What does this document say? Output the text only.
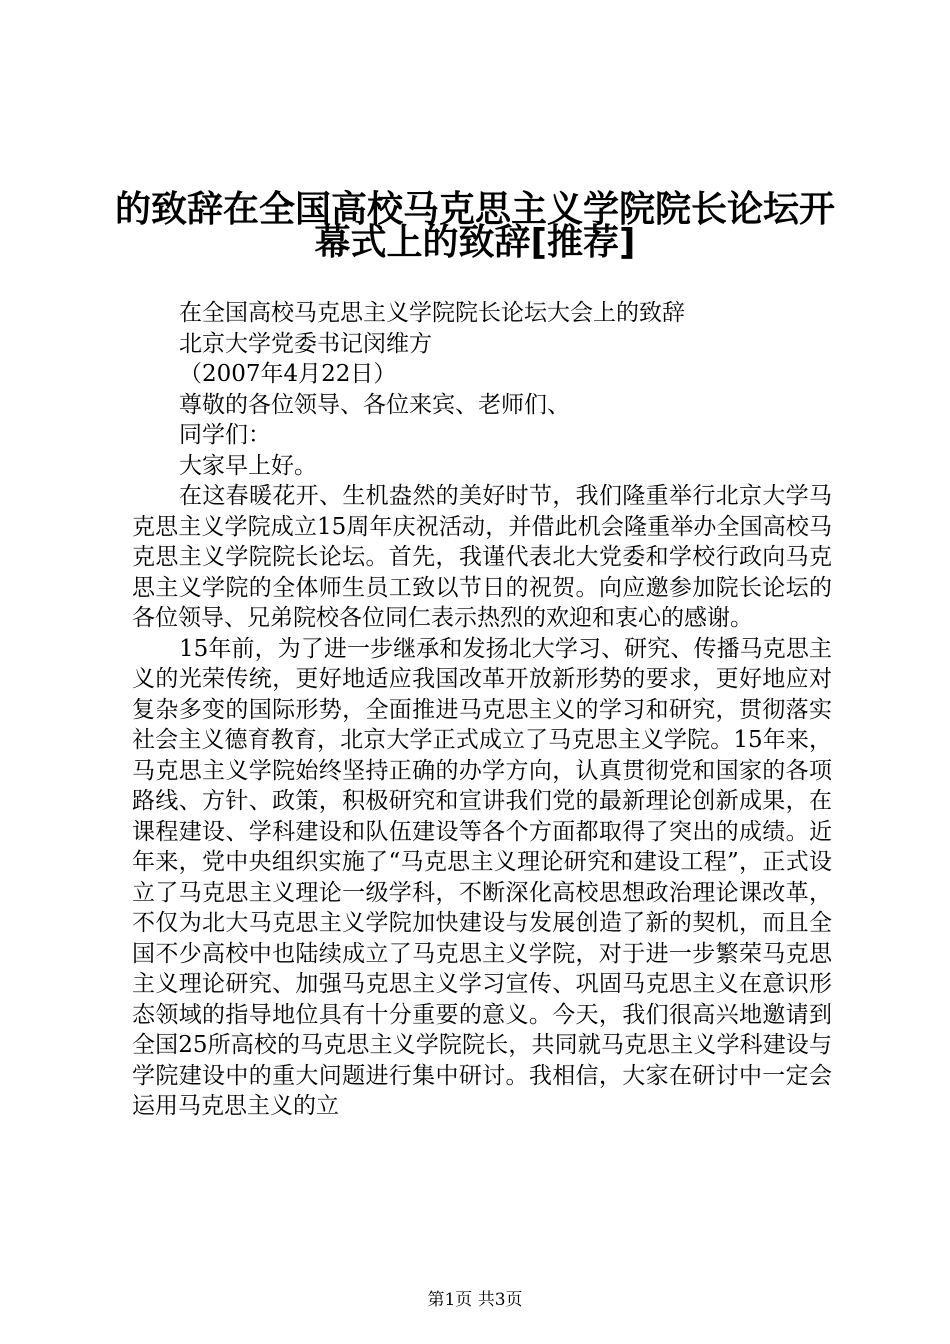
的致辞在全国高校马克思主义学院院长论坛开
幕式上的致辞[推荐]

在全国高校马克思主义学院院长论坛大会上的致辞

北京大学党委书记闵维方

（2007年4月22日）

尊敬的各位领导、各位来宾、老师们、

同学们：

大家早上好。

在这春暖花开、生机盎然的美好时节，我们隆重举行北京大学马克思主义学院成立15周年庆祝活动，并借此机会隆重举办全国高校马克思主义学院院长论坛。首先，我谨代表北大党委和学校行政向马克思主义学院的全体师生员工致以节日的祝贺。向应邀参加院长论坛的各位领导、兄弟院校各位同仁表示热烈的欢迎和衷心的感谢。

15年前，为了进一步继承和发扬北大学习、研究、传播马克思主义的光荣传统，更好地适应我国改革开放新形势的要求，更好地应对复杂多变的国际形势，全面推进马克思主义的学习和研究，贯彻落实社会主义德育教育，北京大学正式成立了马克思主义学院。15年来，马克思主义学院始终坚持正确的办学方向，认真贯彻党和国家的各项路线、方针、政策，积极研究和宣讲我们党的最新理论创新成果，在课程建设、学科建设和队伍建设等各个方面都取得了突出的成绩。近年来，党中央组织实施了“马克思主义理论研究和建设工程”，正式设立了马克思主义理论一级学科，不断深化高校思想政治理论课改革，不仅为北大马克思主义学院加快建设与发展创造了新的契机，而且全国不少高校中也陆续成立了马克思主义学院，对于进一步繁荣马克思主义理论研究、加强马克思主义学习宣传、巩固马克思主义在意识形态领域的指导地位具有十分重要的意义。今天，我们很高兴地邀请到全国25所高校的马克思主义学院院长，共同就马克思主义学科建设与学院建设中的重大问题进行集中研讨。我相信，大家在研讨中一定会运用马克思主义的立

第1页 共3页
